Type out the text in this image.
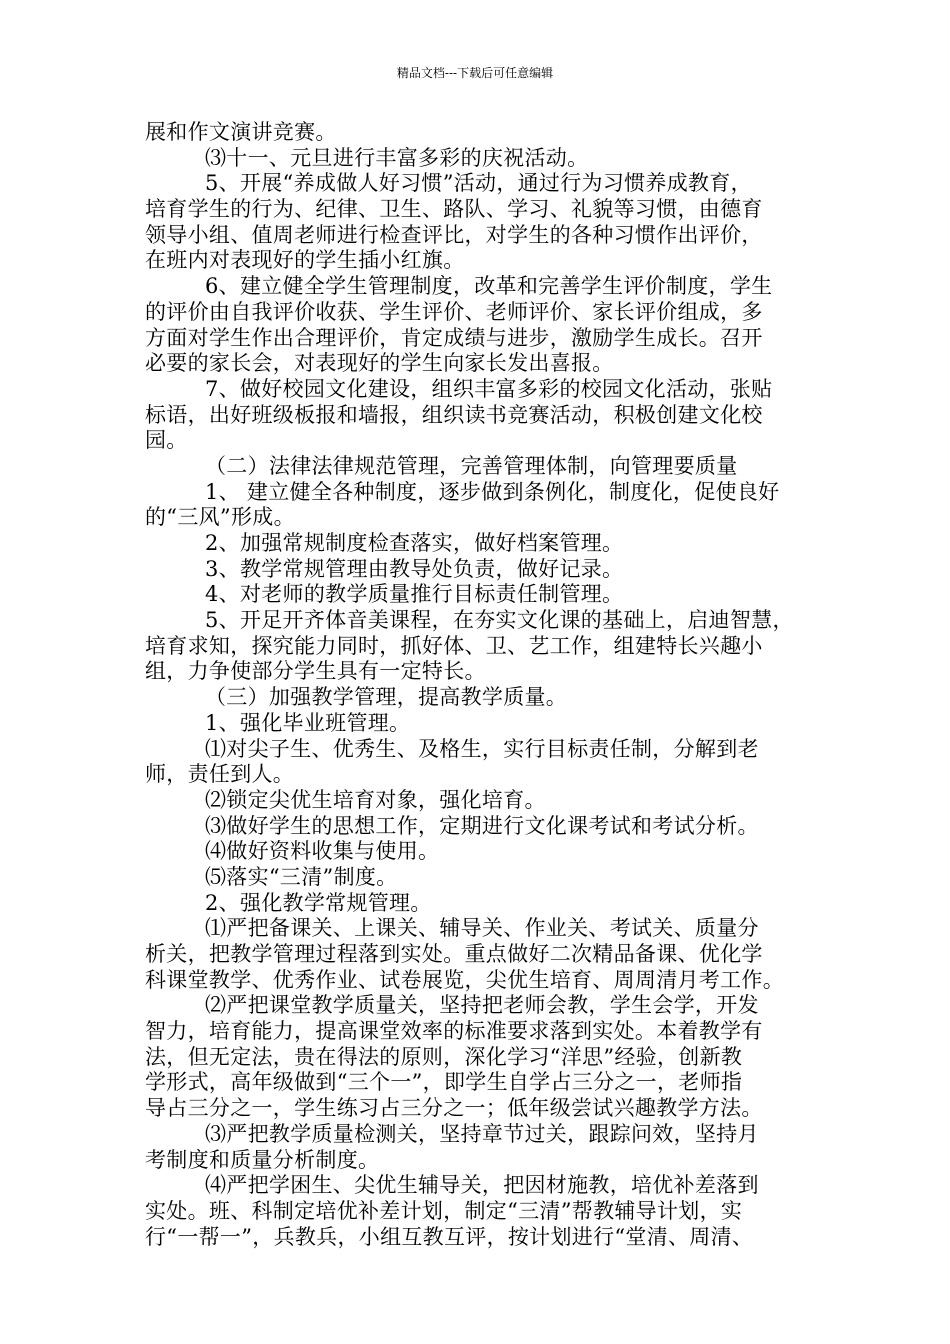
精品文档---下载后可任意编辑
展和作文演讲竞赛。
⑶十一、元旦进行丰富多彩的庆祝活动。
5、开展“养成做人好习惯”活动，通过行为习惯养成教育，
培育学生的行为、纪律、卫生、路队、学习、礼貌等习惯，由德育
领导小组、值周老师进行检查评比，对学生的各种习惯作出评价，
在班内对表现好的学生插小红旗。
6、建立健全学生管理制度，改革和完善学生评价制度，学生
的评价由自我评价收获、学生评价、老师评价、家长评价组成，多
方面对学生作出合理评价，肯定成绩与进步，激励学生成长。召开
必要的家长会，对表现好的学生向家长发出喜报。
7、做好校园文化建设，组织丰富多彩的校园文化活动，张贴
标语，出好班级板报和墙报，组织读书竞赛活动，积极创建文化校
园。
（二）法律法律规范管理，完善管理体制，向管理要质量
1、 建立健全各种制度，逐步做到条例化，制度化，促使良好
的“三风”形成。
2、加强常规制度检查落实，做好档案管理。
3、教学常规管理由教导处负责，做好记录。
4、对老师的教学质量推行目标责任制管理。
5、开足开齐体音美课程，在夯实文化课的基础上，启迪智慧，
培育求知，探究能力同时，抓好体、卫、艺工作，组建特长兴趣小
组，力争使部分学生具有一定特长。
（三）加强教学管理，提高教学质量。
1、强化毕业班管理。
⑴对尖子生、优秀生、及格生，实行目标责任制，分解到老
师，责任到人。
⑵锁定尖优生培育对象，强化培育。
⑶做好学生的思想工作，定期进行文化课考试和考试分析。
⑷做好资料收集与使用。
⑸落实“三清”制度。
2、强化教学常规管理。
⑴严把备课关、上课关、辅导关、作业关、考试关、质量分
析关，把教学管理过程落到实处。重点做好二次精品备课、优化学
科课堂教学、优秀作业、试卷展览，尖优生培育、周周清月考工作。
⑵严把课堂教学质量关，坚持把老师会教，学生会学，开发
智力，培育能力，提高课堂效率的标准要求落到实处。本着教学有
法，但无定法，贵在得法的原则，深化学习“洋思”经验，创新教
学形式，高年级做到“三个一”，即学生自学占三分之一，老师指
导占三分之一，学生练习占三分之一；低年级尝试兴趣教学方法。
⑶严把教学质量检测关，坚持章节过关，跟踪问效，坚持月
考制度和质量分析制度。
⑷严把学困生、尖优生辅导关，把因材施教，培优补差落到
实处。班、科制定培优补差计划，制定“三清”帮教辅导计划，实
行“一帮一”，兵教兵，小组互教互评，按计划进行“堂清、周清、
